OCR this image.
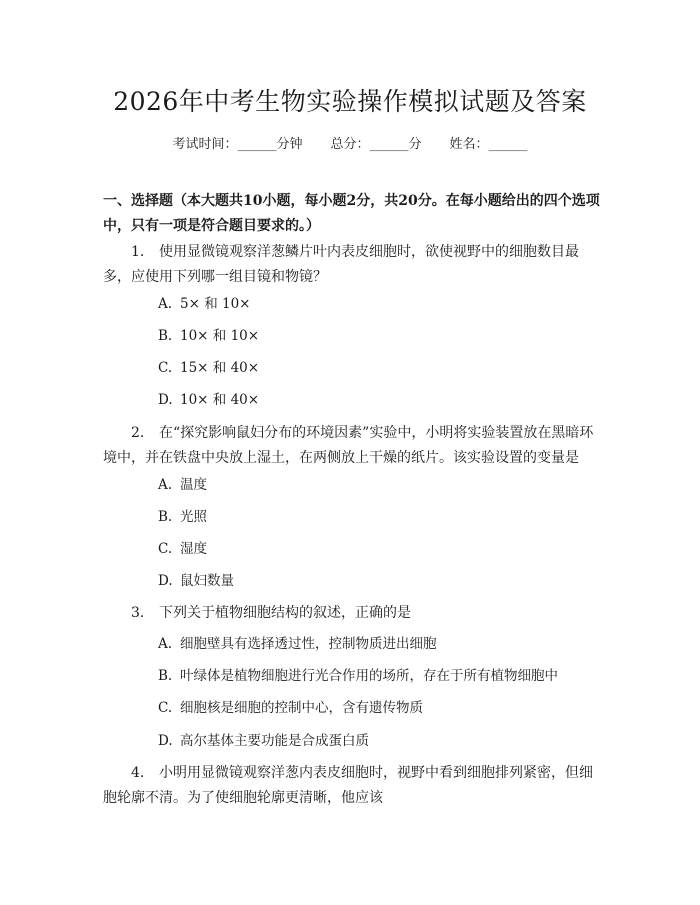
2026年中考生物实验操作模拟试题及答案
考试时间：______分钟 总分：______分 姓名：______
一、选择题（本大题共10小题，每小题2分，共20分。在每小题给出的四个选项中，只有一项是符合题目要求的。）
1. 使用显微镜观察洋葱鳞片叶内表皮细胞时，欲使视野中的细胞数目最多，应使用下列哪一组目镜和物镜？
A. 5× 和 10×
B. 10× 和 10×
C. 15× 和 40×
D. 10× 和 40×
2. 在“探究影响鼠妇分布的环境因素”实验中，小明将实验装置放在黑暗环境中，并在铁盘中央放上湿土，在两侧放上干燥的纸片。该实验设置的变量是
A. 温度
B. 光照
C. 湿度
D. 鼠妇数量
3. 下列关于植物细胞结构的叙述，正确的是
A. 细胞壁具有选择透过性，控制物质进出细胞
B. 叶绿体是植物细胞进行光合作用的场所，存在于所有植物细胞中
C. 细胞核是细胞的控制中心，含有遗传物质
D. 高尔基体主要功能是合成蛋白质
4. 小明用显微镜观察洋葱内表皮细胞时，视野中看到细胞排列紧密，但细胞轮廓不清。为了使细胞轮廓更清晰，他应该
